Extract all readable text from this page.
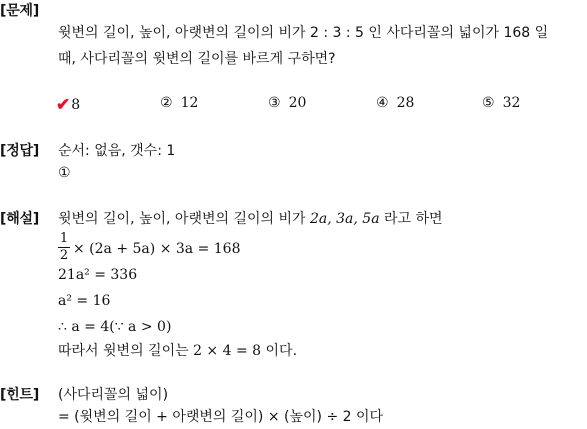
[문제]
윗변의 길이, 높이, 아랫변의 길이의 비가 2 : 3 : 5 인 사다리꼴의 넓이가 168 일
때, 사다리꼴의 윗변의 길이를 바르게 구하면?
✔8	② 12	③ 20	④ 28	⑤ 32
[정답] 순서: 없음, 갯수: 1
①
[해설] 윗변의 길이, 높이, 아랫변의 길이의 비가 2a, 3a, 5a 라고 하면
1
2 × (2a + 5a) × 3a = 168
21a² = 336
a² = 16
∴ a = 4(∵ a > 0)
따라서 윗변의 길이는 2 × 4 = 8 이다.
[힌트] (사다리꼴의 넓이)
= (윗변의 길이 + 아랫변의 길이) × (높이) ÷ 2 이다
